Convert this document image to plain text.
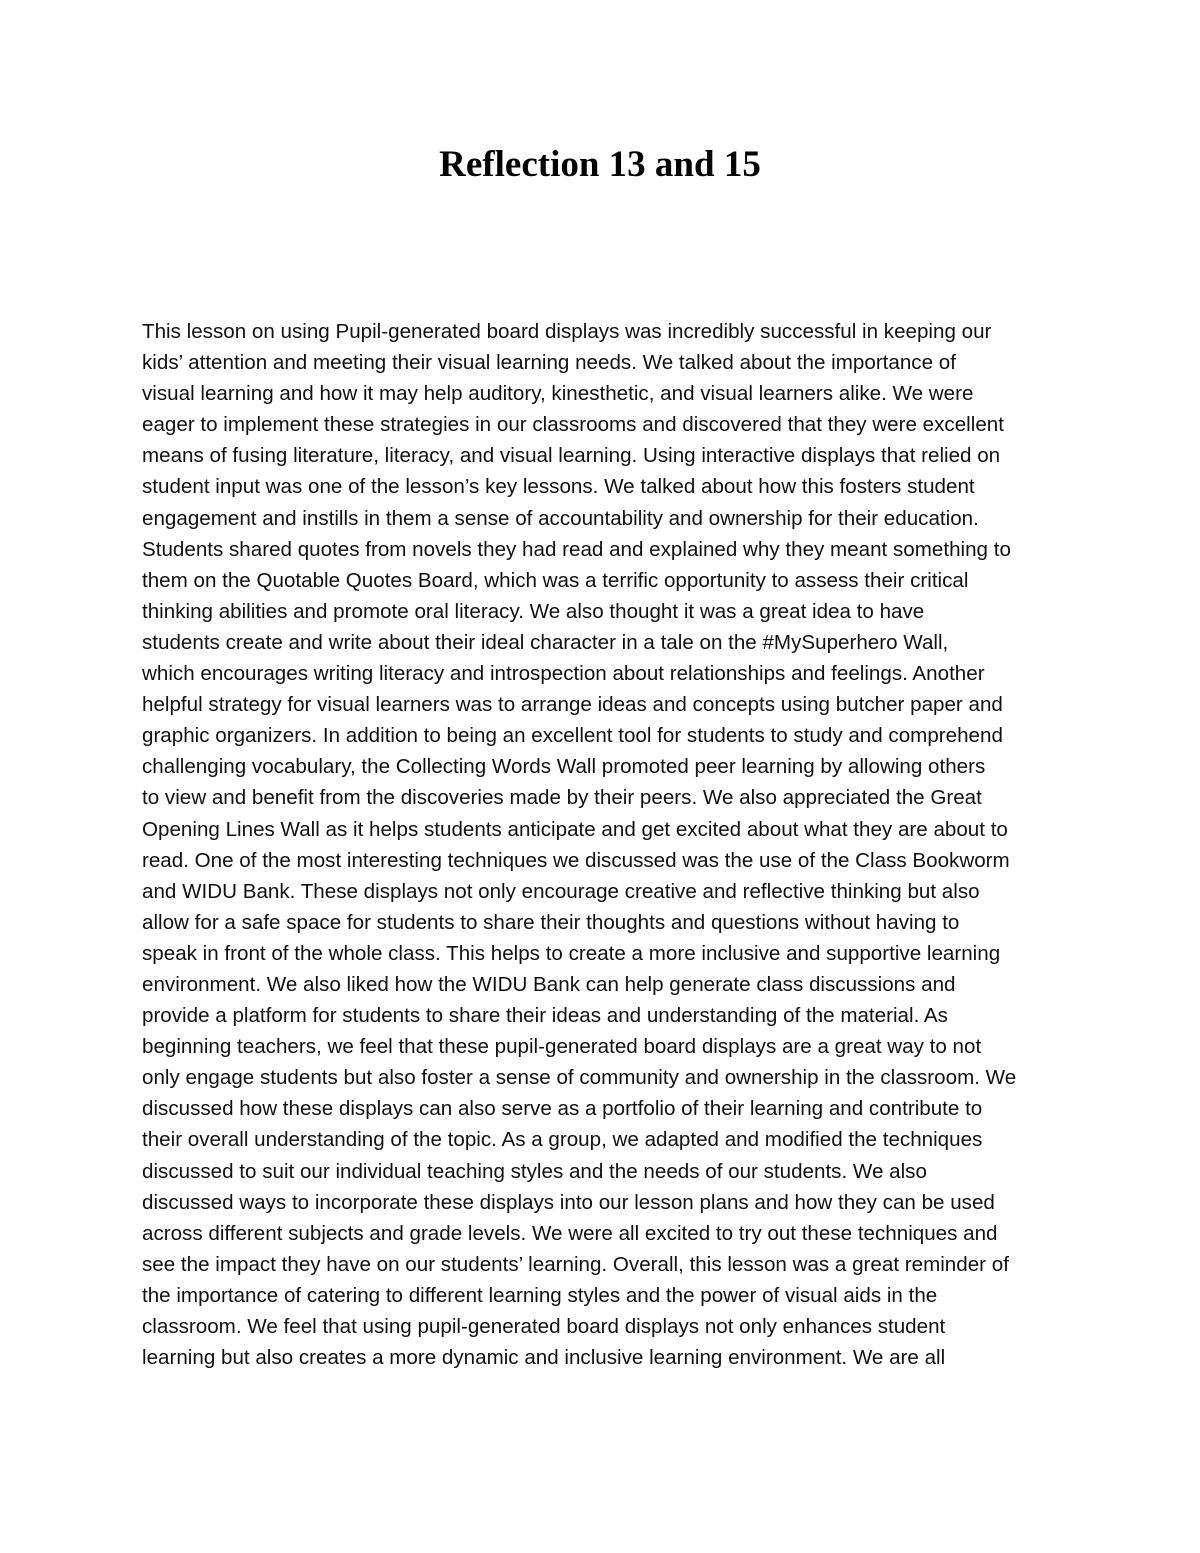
Reflection 13 and 15
This lesson on using Pupil-generated board displays was incredibly successful in keeping our
kids’ attention and meeting their visual learning needs. We talked about the importance of
visual learning and how it may help auditory, kinesthetic, and visual learners alike. We were
eager to implement these strategies in our classrooms and discovered that they were excellent
means of fusing literature, literacy, and visual learning. Using interactive displays that relied on
student input was one of the lesson’s key lessons. We talked about how this fosters student
engagement and instills in them a sense of accountability and ownership for their education.
Students shared quotes from novels they had read and explained why they meant something to
them on the Quotable Quotes Board, which was a terrific opportunity to assess their critical
thinking abilities and promote oral literacy. We also thought it was a great idea to have
students create and write about their ideal character in a tale on the #MySuperhero Wall,
which encourages writing literacy and introspection about relationships and feelings. Another
helpful strategy for visual learners was to arrange ideas and concepts using butcher paper and
graphic organizers. In addition to being an excellent tool for students to study and comprehend
challenging vocabulary, the Collecting Words Wall promoted peer learning by allowing others
to view and benefit from the discoveries made by their peers. We also appreciated the Great
Opening Lines Wall as it helps students anticipate and get excited about what they are about to
read. One of the most interesting techniques we discussed was the use of the Class Bookworm
and WIDU Bank. These displays not only encourage creative and reflective thinking but also
allow for a safe space for students to share their thoughts and questions without having to
speak in front of the whole class. This helps to create a more inclusive and supportive learning
environment. We also liked how the WIDU Bank can help generate class discussions and
provide a platform for students to share their ideas and understanding of the material. As
beginning teachers, we feel that these pupil-generated board displays are a great way to not
only engage students but also foster a sense of community and ownership in the classroom. We
discussed how these displays can also serve as a portfolio of their learning and contribute to
their overall understanding of the topic. As a group, we adapted and modified the techniques
discussed to suit our individual teaching styles and the needs of our students. We also
discussed ways to incorporate these displays into our lesson plans and how they can be used
across different subjects and grade levels. We were all excited to try out these techniques and
see the impact they have on our students’ learning. Overall, this lesson was a great reminder of
the importance of catering to different learning styles and the power of visual aids in the
classroom. We feel that using pupil-generated board displays not only enhances student
learning but also creates a more dynamic and inclusive learning environment. We are all
